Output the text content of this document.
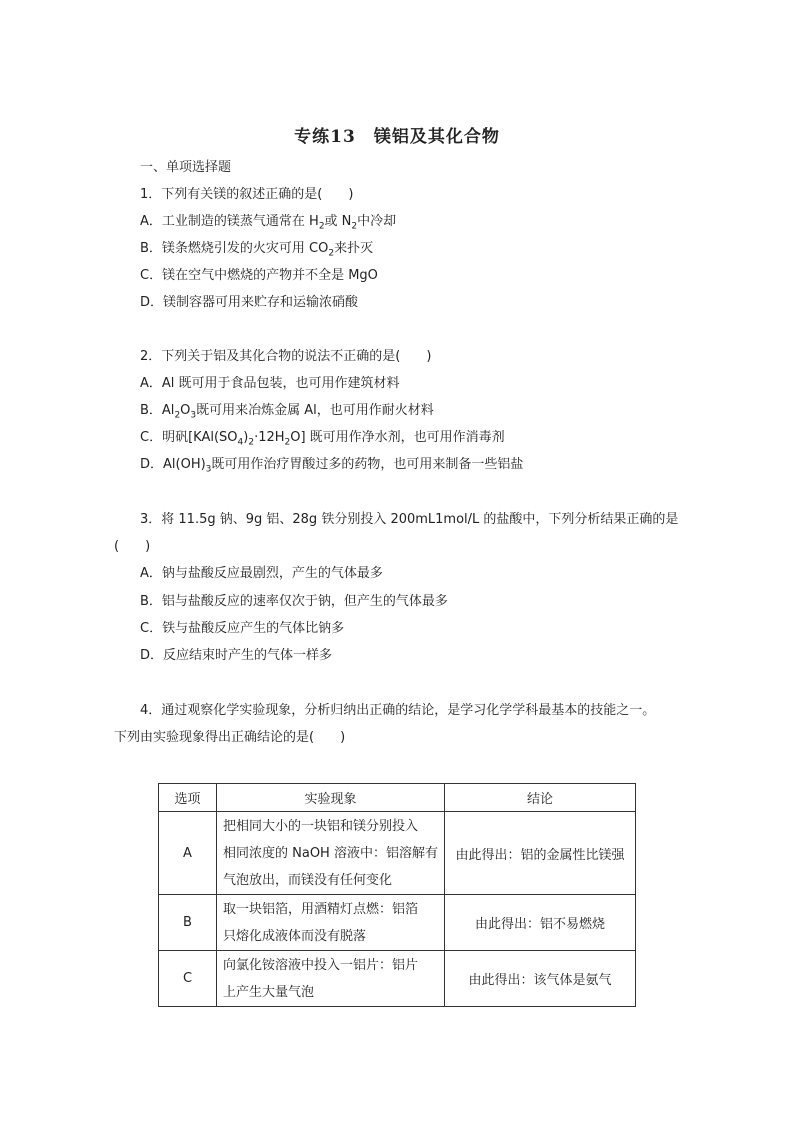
专练13　镁铝及其化合物
一、单项选择题
1．下列有关镁的叙述正确的是(　　)
A．工业制造的镁蒸气通常在 $H_2$或 $N_2$中冷却
B．镁条燃烧引发的火灾可用 $CO_2$来扑灭
C．镁在空气中燃烧的产物并不全是 MgO
D．镁制容器可用来贮存和运输浓硝酸
2．下列关于铝及其化合物的说法不正确的是(　　)
A．Al 既可用于食品包装，也可用作建筑材料
B．$Al_2O_3$既可用来冶炼金属 Al，也可用作耐火材料
C．明矾$[KAl(SO_4)_2\cdot 12H_2O]$ 既可用作净水剂，也可用作消毒剂
D．$Al(OH)_3$既可用作治疗胃酸过多的药物，也可用来制备一些铝盐
3．将 11.5g 钠、9g 铝、28g 铁分别投入 200mL1mol/L 的盐酸中，下列分析结果正确的是
(　　)
A．钠与盐酸反应最剧烈，产生的气体最多
B．铝与盐酸反应的速率仅次于钠，但产生的气体最多
C．铁与盐酸反应产生的气体比钠多
D．反应结束时产生的气体一样多
4．通过观察化学实验现象，分析归纳出正确的结论，是学习化学学科最基本的技能之一。
下列由实验现象得出正确结论的是(　　)
选项	实验现象	结论
A	把相同大小的一块铝和镁分别投入
相同浓度的 NaOH 溶液中：铝溶解有
气泡放出，而镁没有任何变化	由此得出：铝的金属性比镁强
B	取一块铝箔，用酒精灯点燃：铝箔
只熔化成液体而没有脱落	由此得出：铝不易燃烧
C	向氯化铵溶液中投入一铝片：铝片
上产生大量气泡	由此得出：该气体是氨气
